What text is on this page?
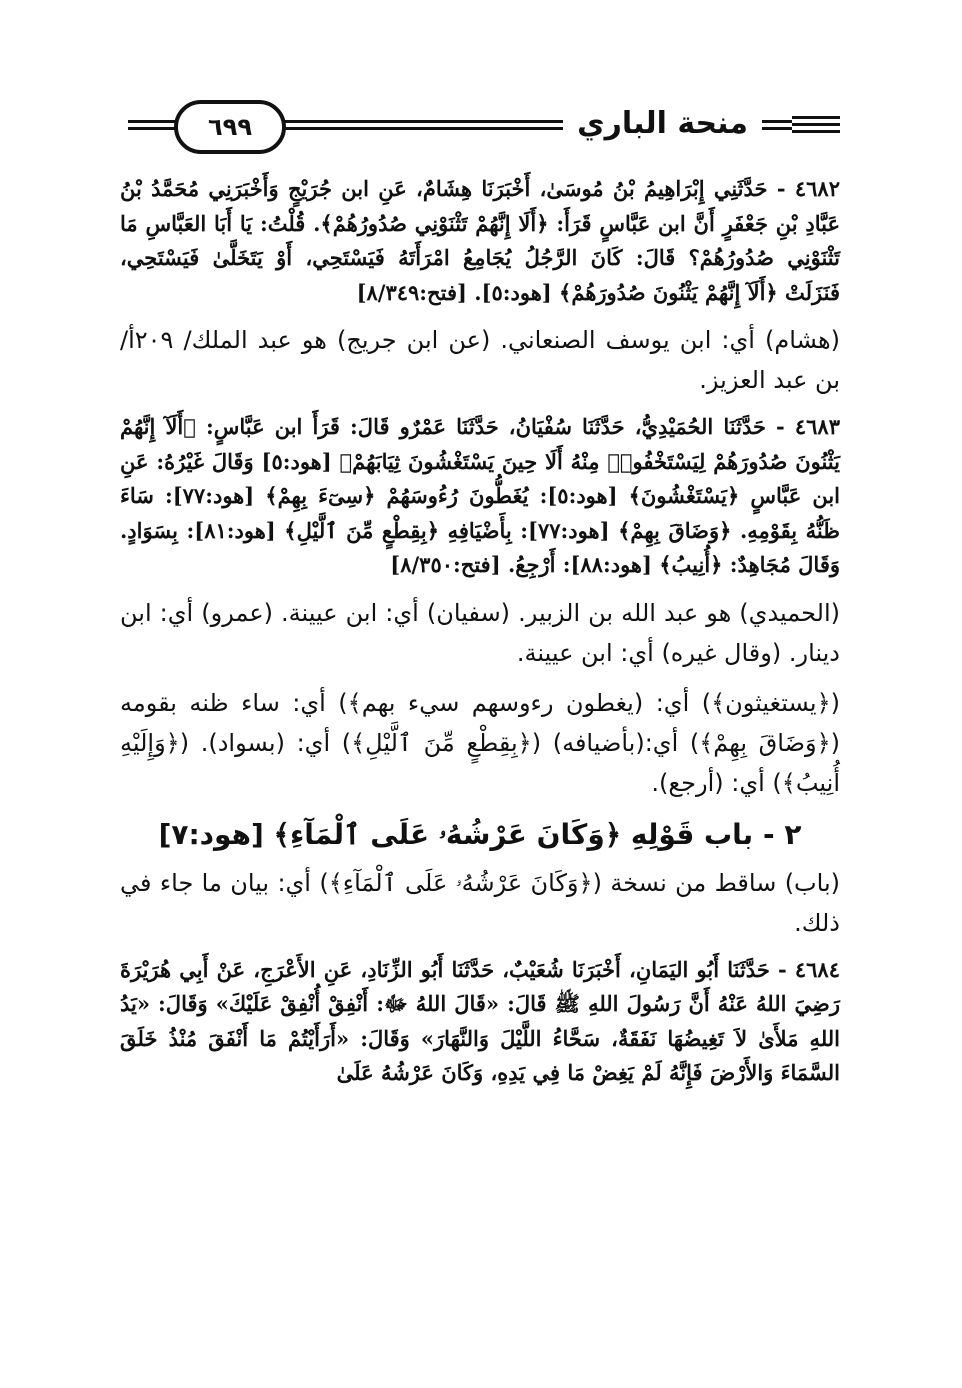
منحة الباري
٦٩٩

٤٦٨٢ - حَدَّثَنِي إِبْرَاهِيمُ بْنُ مُوسَىٰ، أَخْبَرَنَا هِشَامٌ، عَنِ ابن جُرَيْجٍ وَأَخْبَرَنِي مُحَمَّدُ بْنُ عَبَّادِ بْنِ جَعْفَرٍ أَنَّ ابن عَبَّاسٍ قَرَأَ: ﴿أَلَا إِنَّهُمْ تَثْنَوْنِي صُدُورُهُمْ﴾. قُلْتُ: يَا أَبَا العَبَّاسِ مَا تَثْنَوْنِي صُدُورُهُمْ؟ قَالَ: كَانَ الرَّجُلُ يُجَامِعُ امْرَأَتَهُ فَيَسْتَحِي، أَوْ يَتَخَلَّىٰ فَيَسْتَحِي، فَنَزَلَتْ ﴿أَلَآ إِنَّهُمْ يَثْنُونَ صُدُورَهُمْ﴾ [هود:٥]. [فتح:٨/٣٤٩]

(هشام) أي: ابن يوسف الصنعاني. (عن ابن جريج) هو عبد الملك/ ٢٠٩أ/ بن عبد العزيز.

٤٦٨٣ - حَدَّثَنَا الحُمَيْدِيُّ، حَدَّثَنَا سُفْيَانُ، حَدَّثَنَا عَمْرٌو قَالَ: قَرَأَ ابن عَبَّاسٍ: ﴿أَلَآ إِنَّهُمْ يَثْنُونَ صُدُورَهُمْ لِيَسْتَخْفُوا۟ مِنْهُ أَلَا حِينَ يَسْتَغْشُونَ ثِيَابَهُمْ﴾ [هود:٥] وَقَالَ غَيْرُهُ: عَنِ ابن عَبَّاسٍ ﴿يَسْتَغْشُونَ﴾ [هود:٥]: يُغَطُّونَ رُءُوسَهُمْ ﴿سِىٓءَ بِهِمْ﴾ [هود:٧٧]: سَاءَ ظَنُّهُ بِقَوْمِهِ. ﴿وَضَاقَ بِهِمْ﴾ [هود:٧٧]: بِأَضْيَافِهِ ﴿بِقِطْعٍ مِّنَ ٱلَّيْلِ﴾ [هود:٨١]: بِسَوَادٍ. وَقَالَ مُجَاهِدٌ: ﴿أُنِيبُ﴾ [هود:٨٨]: أَرْجِعُ. [فتح:٨/٣٥٠]

(الحميدي) هو عبد الله بن الزبير. (سفيان) أي: ابن عيينة. (عمرو) أي: ابن دينار. (وقال غيره) أي: ابن عيينة.

(﴿يستغيثون﴾) أي: (يغطون رءوسهم سيء بهم﴾) أي: ساء ظنه بقومه (﴿وَضَاقَ بِهِمْ﴾) أي:(بأضيافه) (﴿بِقِطْعٍ مِّنَ ٱلَّيْلِ﴾) أي: (بسواد). (﴿وَإِلَيْهِ أُنِيبُ﴾) أي: (أرجع).

٢ - باب قَوْلِهِ ﴿وَكَانَ عَرْشُهُۥ عَلَى ٱلْمَآءِ﴾ [هود:٧]

(باب) ساقط من نسخة (﴿وَكَانَ عَرْشُهُۥ عَلَى ٱلْمَآءِ﴾) أي: بيان ما جاء في ذلك.

٤٦٨٤ - حَدَّثَنَا أَبُو اليَمَانِ، أَخْبَرَنَا شُعَيْبٌ، حَدَّثَنَا أَبُو الزِّنَادِ، عَنِ الأَعْرَجِ، عَنْ أَبِي هُرَيْرَةَ رَضِيَ اللهُ عَنْهُ أَنَّ رَسُولَ اللهِ ﷺ قَالَ: «قَالَ اللهُ ﷻ: أَنْفِقْ أُنْفِقْ عَلَيْكَ» وَقَالَ: «يَدُ اللهِ مَلأَىٰ لاَ تَغِيضُهَا نَفَقَةٌ، سَحَّاءُ اللَّيْلَ وَالنَّهَارَ» وَقَالَ: «أَرَأَيْتُمْ مَا أَنْفَقَ مُنْذُ خَلَقَ السَّمَاءَ وَالأَرْضَ فَإِنَّهُ لَمْ يَغِضْ مَا فِي يَدِهِ، وَكَانَ عَرْشُهُ عَلَىٰ
